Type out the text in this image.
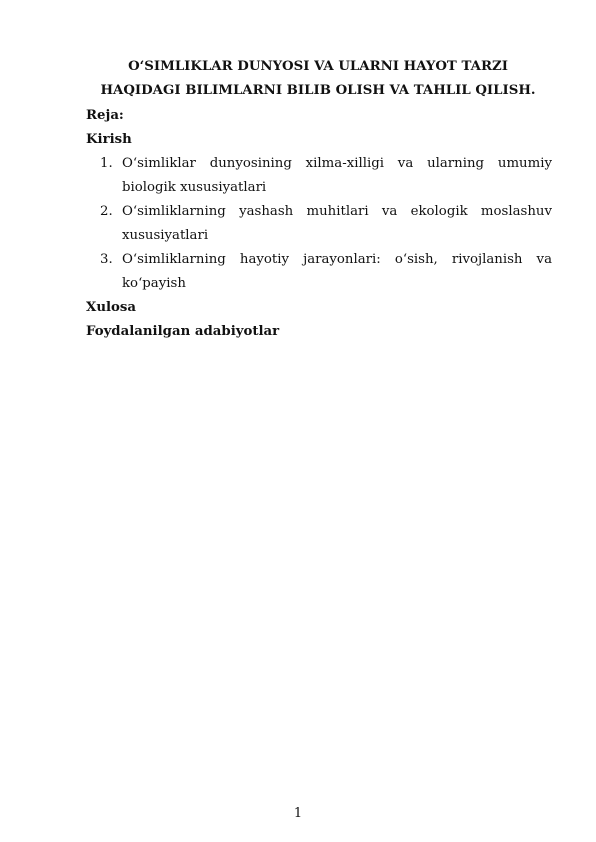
O‘SIMLIKLAR DUNYOSI VA ULARNI HAYOT TARZI
HAQIDAGI BILIMLARNI BILIB OLISH VA TAHLIL QILISH.
Reja:
Kirish
1. O‘simliklar dunyosining xilma-xilligi va ularning umumiy
biologik xususiyatlari
2. O‘simliklarning yashash muhitlari va ekologik moslashuv
xususiyatlari
3. O‘simliklarning hayotiy jarayonlari: o‘sish, rivojlanish va
ko‘payish
Xulosa
Foydalanilgan adabiyotlar
1
